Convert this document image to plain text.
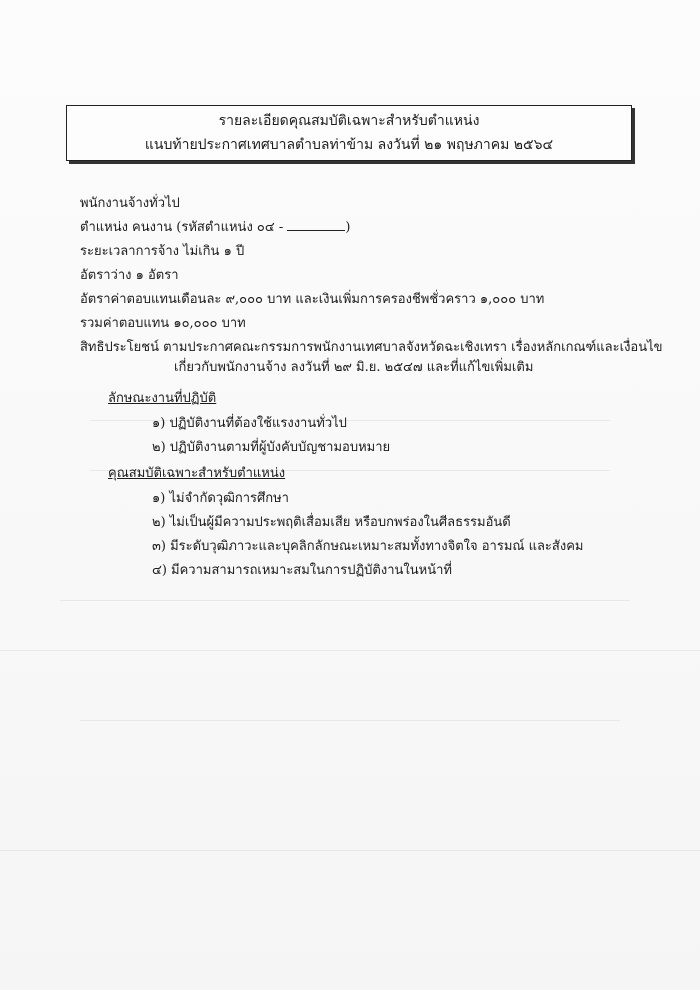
รายละเอียดคุณสมบัติเฉพาะสำหรับตำแหน่ง
แนบท้ายประกาศเทศบาลตำบลท่าข้าม ลงวันที่ ๒๑ พฤษภาคม ๒๕๖๔
พนักงานจ้างทั่วไป
ตำแหน่ง คนงาน (รหัสตำแหน่ง ๐๔ -	)
ระยะเวลาการจ้าง ไม่เกิน ๑ ปี
อัตราว่าง ๑ อัตรา
อัตราค่าตอบแทนเดือนละ ๙,๐๐๐ บาท และเงินเพิ่มการครองชีพชั่วคราว ๑,๐๐๐ บาท
รวมค่าตอบแทน ๑๐,๐๐๐ บาท
สิทธิประโยชน์ ตามประกาศคณะกรรมการพนักงานเทศบาลจังหวัดฉะเชิงเทรา เรื่องหลักเกณฑ์และเงื่อนไข
เกี่ยวกับพนักงานจ้าง ลงวันที่ ๒๙ มิ.ย. ๒๕๔๗ และที่แก้ไขเพิ่มเติม
ลักษณะงานที่ปฏิบัติ
๑) ปฏิบัติงานที่ต้องใช้แรงงานทั่วไป
๒) ปฏิบัติงานตามที่ผู้บังคับบัญชามอบหมาย
คุณสมบัติเฉพาะสำหรับตำแหน่ง
๑) ไม่จำกัดวุฒิการศึกษา
๒) ไม่เป็นผู้มีความประพฤติเสื่อมเสีย หรือบกพร่องในศีลธรรมอันดี
๓) มีระดับวุฒิภาวะและบุคลิกลักษณะเหมาะสมทั้งทางจิตใจ อารมณ์ และสังคม
๔) มีความสามารถเหมาะสมในการปฏิบัติงานในหน้าที่
